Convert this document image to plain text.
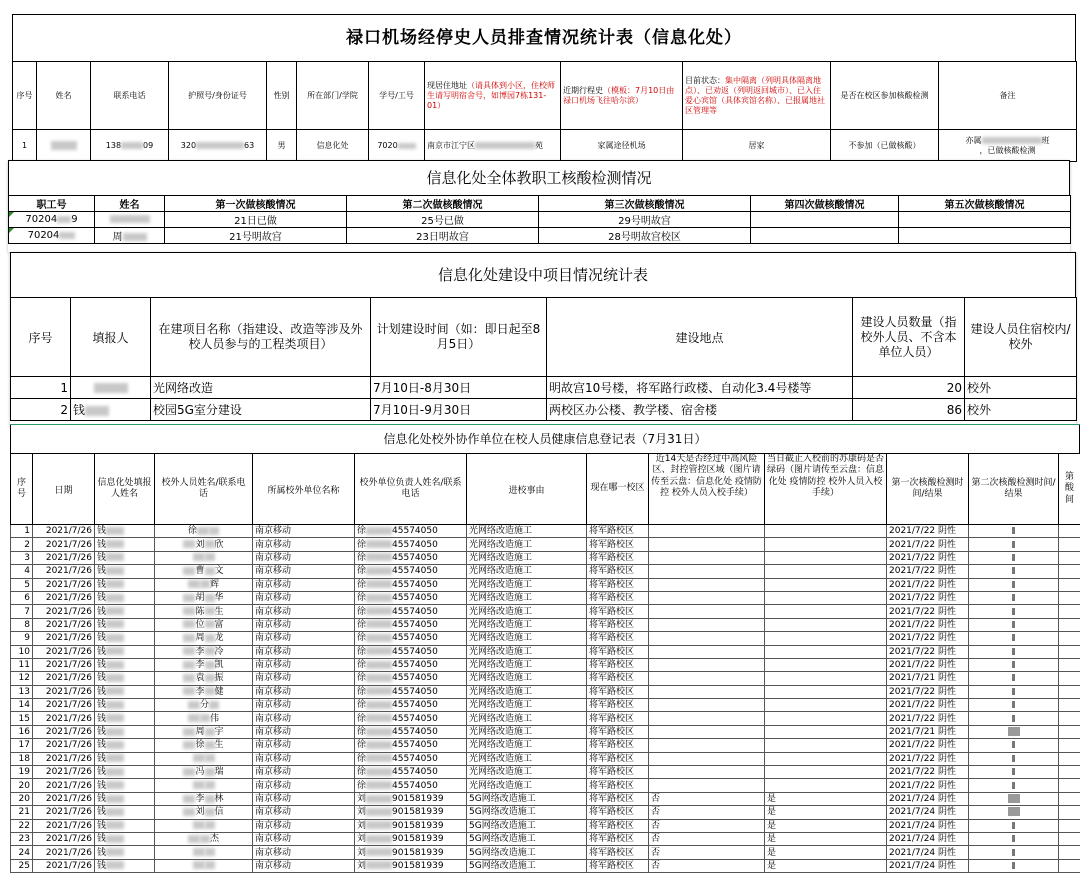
禄口机场经停史人员排查情况统计表（信息化处）
序号	姓名	联系电话	护照号/身份证号	性别	所在部门/学院	学号/工号	现居住地址（请具体到小区，住校师生请写明宿舍号，如博园7栋131-01）	近期行程史（模板：7月10日由禄口机场飞往哈尔滨）	目前状态：集中隔离（列明具体隔离地点）、已劝返（列明返回城市）、已入住爱心宾馆（具体宾馆名称）、已报属地社区管理等	是否在校区参加核酸检测	备注
1		138 09	320 63	男	信息化处	7020	南京市江宁区 苑	家属途径机场	居家	不参加（已做核酸）	亦属 班
，已做核酸检测
信息化处全体教职工核酸检测情况
职工号	姓名	第一次做核酸情况	第二次做核酸情况	第三次做核酸情况	第四次做核酸情况	第五次做核酸情况
70204 9		21日已做	25号已做	29号明故宫		
70204	周	21号明故宫	23日明故宫	28号明故宫校区		
信息化处建设中项目情况统计表
序号	填报人	在建项目名称（指建设、改造等涉及外校人员参与的工程类项目）	计划建设时间（如：即日起至8月5日）	建设地点	建设人员数量（指校外人员、不含本单位人员）	建设人员住宿校内/校外
1		光网络改造	7月10日-8月30日	明故宫10号楼，将军路行政楼、自动化3.4号楼等	20	校外
2	钱	校园5G室分建设	7月10日-9月30日	两校区办公楼、教学楼、宿舍楼	86	校外
信息化处校外协作单位在校人员健康信息登记表（7月31日）
序号	日期	信息化处填报人姓名	校外人员姓名/联系电话	所属校外单位名称	校外单位负责人姓名/联系电话	进校事由	现在哪一校区	近14天是否经过中高风险区、封控管控区域（图片请传至云盘：信息化处 疫情防控 校外人员入校手续）	当日截止入校前的苏康码是否绿码（图片请传至云盘：信息化处 疫情防控 校外人员入校手续）	第一次核酸检测时间/结果	第二次核酸检测时间/结果	第 酸 间
1	2021/7/26	钱	徐	南京移动	徐 45574050	光网络改造施工	将军路校区			2021/7/22 阴性		
2	2021/7/26	钱	刘 欣	南京移动	徐 45574050	光网络改造施工	将军路校区			2021/7/22 阴性		
3	2021/7/26	钱		南京移动	徐 45574050	光网络改造施工	将军路校区			2021/7/22 阴性		
4	2021/7/26	钱	曹 文	南京移动	徐 45574050	光网络改造施工	将军路校区			2021/7/22 阴性		
5	2021/7/26	钱	辉	南京移动	徐 45574050	光网络改造施工	将军路校区			2021/7/22 阴性		
6	2021/7/26	钱	胡 华	南京移动	徐 45574050	光网络改造施工	将军路校区			2021/7/22 阴性		
7	2021/7/26	钱	陈 生	南京移动	徐 45574050	光网络改造施工	将军路校区			2021/7/22 阴性		
8	2021/7/26	钱	位 富	南京移动	徐 45574050	光网络改造施工	将军路校区			2021/7/22 阴性		
9	2021/7/26	钱	周 龙	南京移动	徐 45574050	光网络改造施工	将军路校区			2021/7/22 阴性		
10	2021/7/26	钱	李 冷	南京移动	徐 45574050	光网络改造施工	将军路校区			2021/7/22 阴性		
11	2021/7/26	钱	李 凯	南京移动	徐 45574050	光网络改造施工	将军路校区			2021/7/22 阴性		
12	2021/7/26	钱	袁 振	南京移动	徐 45574050	光网络改造施工	将军路校区			2021/7/21 阴性		
13	2021/7/26	钱	李 健	南京移动	徐 45574050	光网络改造施工	将军路校区			2021/7/22 阴性		
14	2021/7/26	钱	分	南京移动	徐 45574050	光网络改造施工	将军路校区			2021/7/22 阴性		
15	2021/7/26	钱	伟	南京移动	徐 45574050	光网络改造施工	将军路校区			2021/7/22 阴性		
16	2021/7/26	钱	周 宇	南京移动	徐 45574050	光网络改造施工	将军路校区			2021/7/21 阴性		
17	2021/7/26	钱	徐 生	南京移动	徐 45574050	光网络改造施工	将军路校区			2021/7/22 阴性		
18	2021/7/26	钱		南京移动	徐 45574050	光网络改造施工	将军路校区			2021/7/22 阴性		
19	2021/7/26	钱	冯 瑞	南京移动	徐 45574050	光网络改造施工	将军路校区			2021/7/22 阴性		
20	2021/7/26	钱		南京移动	徐 45574050	光网络改造施工	将军路校区			2021/7/22 阴性		
20	2021/7/26	钱	李 林	南京移动	刘 901581939	5G网络改造施工	将军路校区	否	是	2021/7/24 阴性		
21	2021/7/26	钱	刘 信	南京移动	刘 901581939	5G网络改造施工	将军路校区	否	是	2021/7/24 阴性		
22	2021/7/26	钱		南京移动	刘 901581939	5G网络改造施工	将军路校区	否	是	2021/7/24 阴性		
23	2021/7/26	钱	杰	南京移动	刘 901581939	5G网络改造施工	将军路校区	否	是	2021/7/24 阴性		
24	2021/7/26	钱		南京移动	刘 901581939	5G网络改造施工	将军路校区	否	是	2021/7/24 阴性		
25	2021/7/26	钱		南京移动	刘 901581939	5G网络改造施工	将军路校区	否	是	2021/7/24 阴性		
